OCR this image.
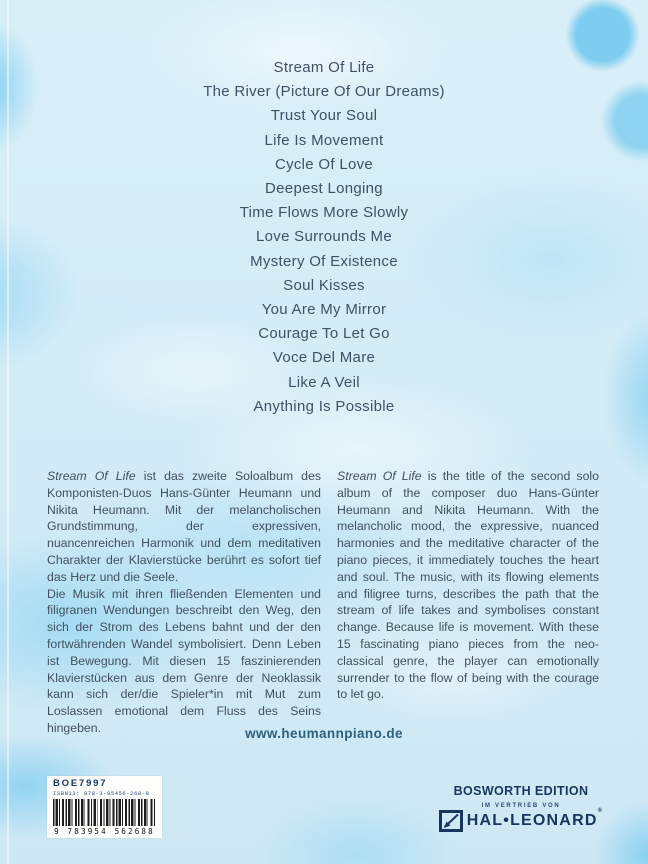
Stream Of Life
The River (Picture Of Our Dreams)
Trust Your Soul
Life Is Movement
Cycle Of Love
Deepest Longing
Time Flows More Slowly
Love Surrounds Me
Mystery Of Existence
Soul Kisses
You Are My Mirror
Courage To Let Go
Voce Del Mare
Like A Veil
Anything Is Possible

Stream Of Life ist das zweite Soloalbum des Komponisten-Duos Hans-Günter Heumann und Nikita Heumann. Mit der melancholischen Grundstimmung, der expressiven, nuancenreichen Harmonik und dem meditativen Charakter der Klavierstücke berührt es sofort tief das Herz und die Seele.

Die Musik mit ihren fließenden Elementen und filigranen Wendungen beschreibt den Weg, den sich der Strom des Lebens bahnt und der den fortwährenden Wandel symbolisiert. Denn Leben ist Bewegung. Mit diesen 15 faszinierenden Klavierstücken aus dem Genre der Neoklassik kann sich der/die Spieler*in mit Mut zum Loslassen emotional dem Fluss des Seins hingeben.

Stream Of Life is the title of the second solo album of the composer duo Hans-Günter Heumann and Nikita Heumann. With the melancholic mood, the expressive, nuanced harmonies and the meditative character of the piano pieces, it immediately touches the heart and soul. The music, with its flowing elements and filigree turns, describes the path that the stream of life takes and symbolises constant change. Because life is movement. With these 15 fascinating piano pieces from the neo-classical genre, the player can emotionally surrender to the flow of being with the courage to let go.

www.heumannpiano.de
BOE7997
ISBN13: 978-3-95456-268-8
9 783954 562688
BOSWORTH EDITION
IM VERTRIEB VON
HAL•LEONARD®
